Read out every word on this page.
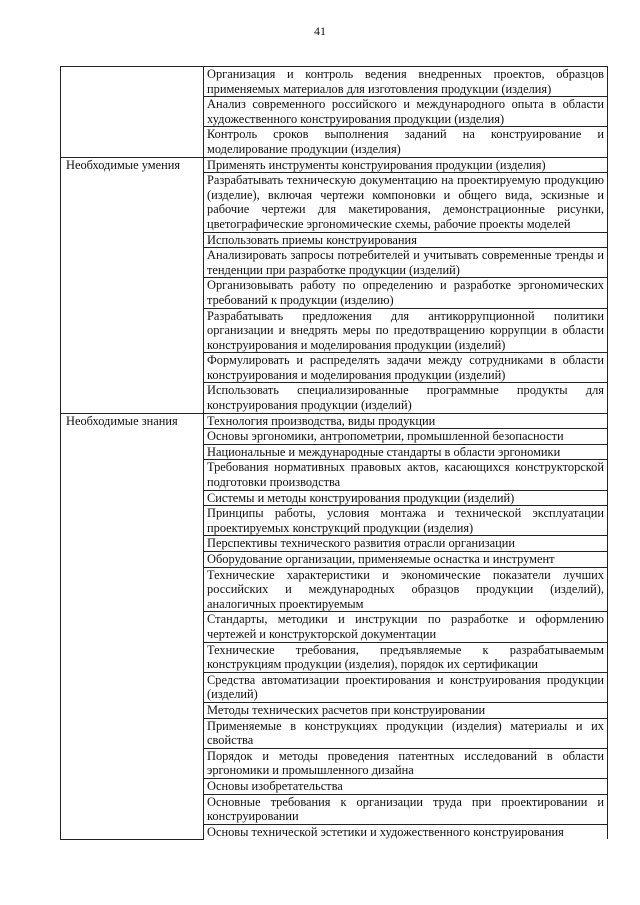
41
	Организация и контроль ведения внедренных проектов, образцов применяемых материалов для изготовления продукции (изделия)
	Анализ современного российского и международного опыта в области художественного конструирования продукции (изделия)
	Контроль сроков выполнения заданий на конструирование и моделирование продукции (изделия)
Необходимые умения	Применять инструменты конструирования продукции (изделия)
	Разрабатывать техническую документацию на проектируемую продукцию (изделие), включая чертежи компоновки и общего вида, эскизные и рабочие чертежи для макетирования, демонстрационные рисунки, цветографические эргономические схемы, рабочие проекты моделей
	Использовать приемы конструирования
	Анализировать запросы потребителей и учитывать современные тренды и тенденции при разработке продукции (изделий)
	Организовывать работу по определению и разработке эргономических требований к продукции (изделию)
	Разрабатывать предложения для антикоррупционной политики организации и внедрять меры по предотвращению коррупции в области конструирования и моделирования продукции (изделий)
	Формулировать и распределять задачи между сотрудниками в области конструирования и моделирования продукции (изделий)
	Использовать специализированные программные продукты для конструирования продукции (изделий)
Необходимые знания	Технология производства, виды продукции
	Основы эргономики, антропометрии, промышленной безопасности
	Национальные и международные стандарты в области эргономики
	Требования нормативных правовых актов, касающихся конструкторской подготовки производства
	Системы и методы конструирования продукции (изделий)
	Принципы работы, условия монтажа и технической эксплуатации проектируемых конструкций продукции (изделия)
	Перспективы технического развития отрасли организации
	Оборудование организации, применяемые оснастка и инструмент
	Технические характеристики и экономические показатели лучших российских и международных образцов продукции (изделий), аналогичных проектируемым
	Стандарты, методики и инструкции по разработке и оформлению чертежей и конструкторской документации
	Технические требования, предъявляемые к разрабатываемым конструкциям продукции (изделия), порядок их сертификации
	Средства автоматизации проектирования и конструирования продукции (изделий)
	Методы технических расчетов при конструировании
	Применяемые в конструкциях продукции (изделия) материалы и их свойства
	Порядок и методы проведения патентных исследований в области эргономики и промышленного дизайна
	Основы изобретательства
	Основные требования к организации труда при проектировании и конструировании
	Основы технической эстетики и художественного конструирования
